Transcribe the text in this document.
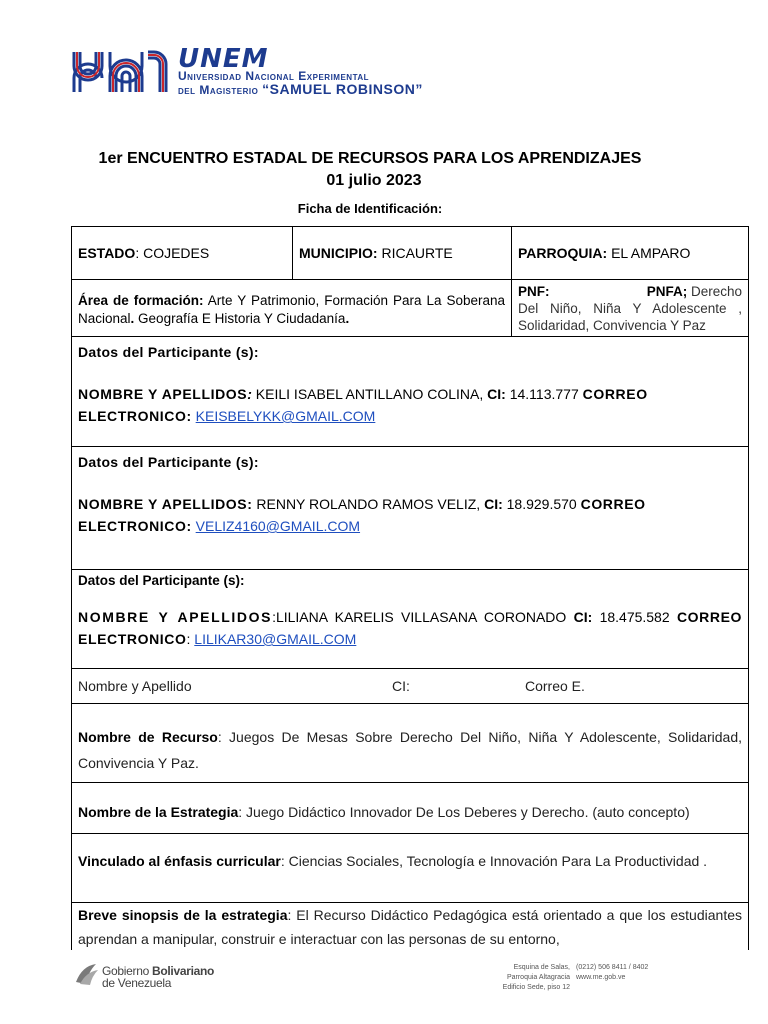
UNEM
Universidad Nacional Experimental
del Magisterio “SAMUEL ROBINSON”
1er ENCUENTRO ESTADAL DE RECURSOS PARA LOS APRENDIZAJES
01 julio 2023
Ficha de Identificación:
ESTADO: COJEDES	MUNICIPIO: RICAURTE	PARROQUIA: EL AMPARO
Área de formación: Arte Y Patrimonio, Formación Para La Soberana Nacional. Geografía E Historia Y Ciudadanía.
PNF:	PNFA; Derecho
Del Niño, Niña Y Adolescente , Solidaridad, Convivencia Y Paz
Datos del Participante (s):
NOMBRE Y APELLIDOS: KEILI ISABEL ANTILLANO COLINA, CI: 14.113.777 CORREO ELECTRONICO: KEISBELYKK@GMAIL.COM
Datos del Participante (s):
NOMBRE Y APELLIDOS: RENNY ROLANDO RAMOS VELIZ, CI: 18.929.570 CORREO ELECTRONICO: VELIZ4160@GMAIL.COM
Datos del Participante (s):
NOMBRE Y APELLIDOS:LILIANA KARELIS VILLASANA CORONADO CI: 18.475.582 CORREO ELECTRONICO: LILIKAR30@GMAIL.COM
Nombre y Apellido	CI:	Correo E.
Nombre de Recurso: Juegos De Mesas Sobre Derecho Del Niño, Niña Y Adolescente, Solidaridad, Convivencia Y Paz.
Nombre de la Estrategia: Juego Didáctico Innovador De Los Deberes y Derecho. (auto concepto)
Vinculado al énfasis curricular: Ciencias Sociales, Tecnología e Innovación Para La Productividad .
Breve sinopsis de la estrategia: El Recurso Didáctico Pedagógica está orientado a que los estudiantes aprendan a manipular, construir e interactuar con las personas de su entorno,
Gobierno Bolivariano
de Venezuela
Esquina de Salas,
Parroquia Altagracia
Edificio Sede, piso 12
(0212) 506 8411 / 8402
www.me.gob.ve
